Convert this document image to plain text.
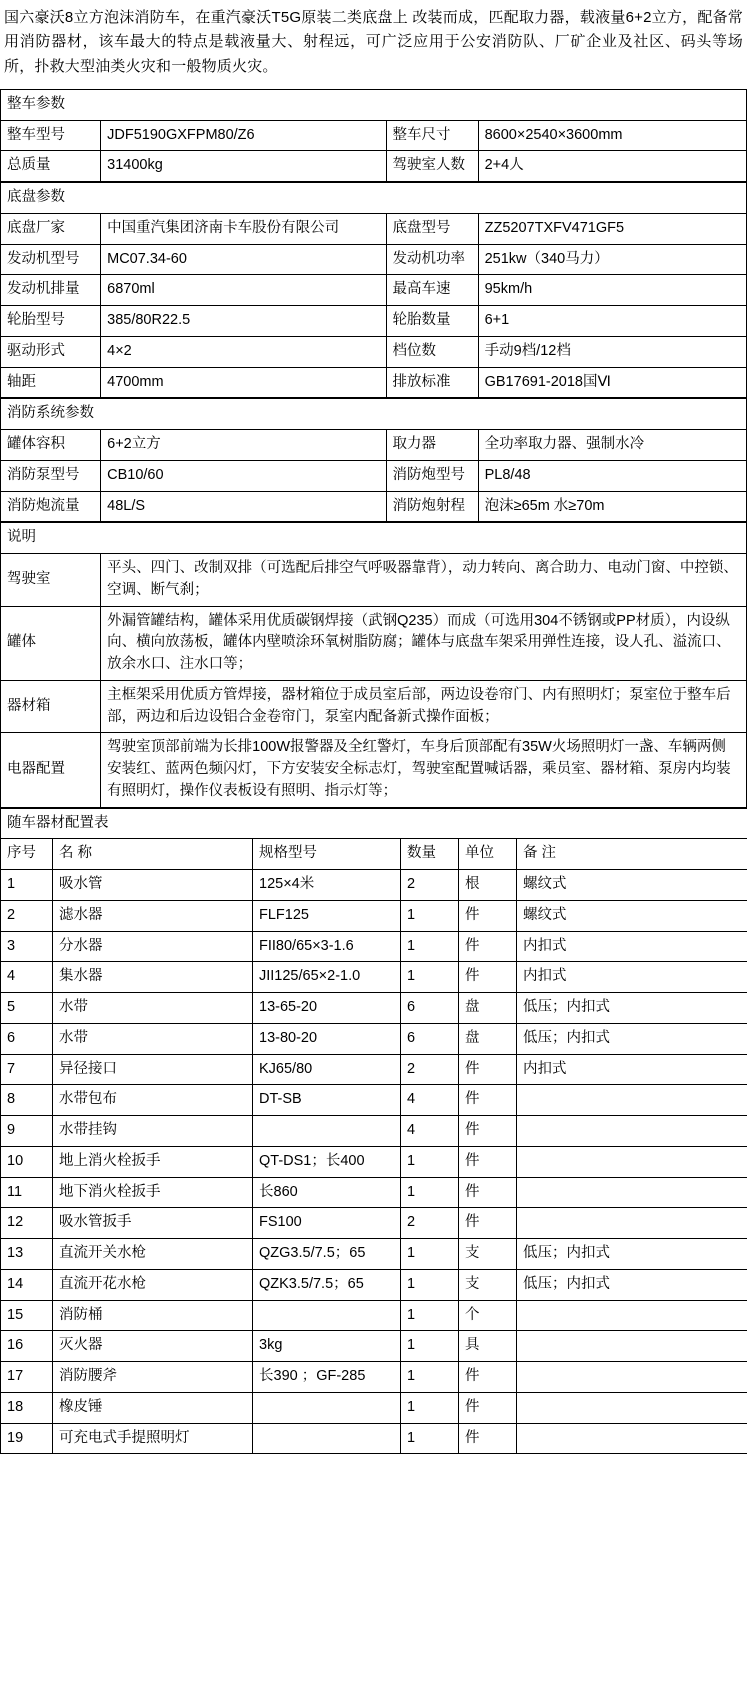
国六豪沃8立方泡沫消防车，在重汽豪沃T5G原装二类底盘上 改装而成，匹配取力器，载液量6+2立方，配备常用消防器材，该车最大的特点是载液量大、射程远，可广泛应用于公安消防队、厂矿企业及社区、码头等场所，扑救大型油类火灾和一般物质火灾。
整车参数			
整车型号	JDF5190GXFPM80/Z6	整车尺寸	8600×2540×3600mm
总质量	31400kg	驾驶室人数	2+4人
底盘参数			
底盘厂家	中国重汽集团济南卡车股份有限公司	底盘型号	ZZ5207TXFV471GF5
发动机型号	MC07.34-60	发动机功率	251kw（340马力）
发动机排量	6870ml	最高车速	95km/h
轮胎型号	385/80R22.5	轮胎数量	6+1
驱动形式	4×2	档位数	手动9档/12档
轴距	4700mm	排放标准	GB17691-2018国Ⅵ
消防系统参数			
罐体容积	6+2立方	取力器	全功率取力器、强制水冷
消防泵型号	CB10/60	消防炮型号	PL8/48
消防炮流量	48L/S	消防炮射程	泡沫≥65m 水≥70m
说明	
驾驶室	平头、四门、改制双排（可选配后排空气呼吸器靠背），动力转向、离合助力、电动门窗、中控锁、空调、断气刹；
罐体	外漏管罐结构，罐体采用优质碳钢焊接（武钢Q235）而成（可选用304不锈钢或PP材质），内设纵向、横向放荡板，罐体内壁喷涂环氧树脂防腐；罐体与底盘车架采用弹性连接，设人孔、溢流口、放余水口、注水口等；
器材箱	主框架采用优质方管焊接，器材箱位于成员室后部，两边设卷帘门、内有照明灯；泵室位于整车后部，两边和后边设铝合金卷帘门，泵室内配备新式操作面板；
电器配置	驾驶室顶部前端为长排100W报警器及全红警灯，车身后顶部配有35W火场照明灯一盏、车辆两侧安装红、蓝两色频闪灯，下方安装安全标志灯，驾驶室配置喊话器，乘员室、器材箱、泵房内均装有照明灯，操作仪表板设有照明、指示灯等；
随车器材配置表					
序号	名 称	规格型号	数量	单位	备 注
1	吸水管	125×4米	2	根	螺纹式
2	滤水器	FLF125	1	件	螺纹式
3	分水器	FII80/65×3-1.6	1	件	内扣式
4	集水器	JII125/65×2-1.0	1	件	内扣式
5	水带	13-65-20	6	盘	低压；内扣式
6	水带	13-80-20	6	盘	低压；内扣式
7	异径接口	KJ65/80	2	件	内扣式
8	水带包布	DT-SB	4	件	
9	水带挂钩		4	件	
10	地上消火栓扳手	QT-DS1；长400	1	件	
11	地下消火栓扳手	长860	1	件	
12	吸水管扳手	FS100	2	件	
13	直流开关水枪	QZG3.5/7.5；65	1	支	低压；内扣式
14	直流开花水枪	QZK3.5/7.5；65	1	支	低压；内扣式
15	消防桶		1	个	
16	灭火器	3kg	1	具	
17	消防腰斧	长390 ；GF-285	1	件	
18	橡皮锤		1	件	
19	可充电式手提照明灯		1	件	
